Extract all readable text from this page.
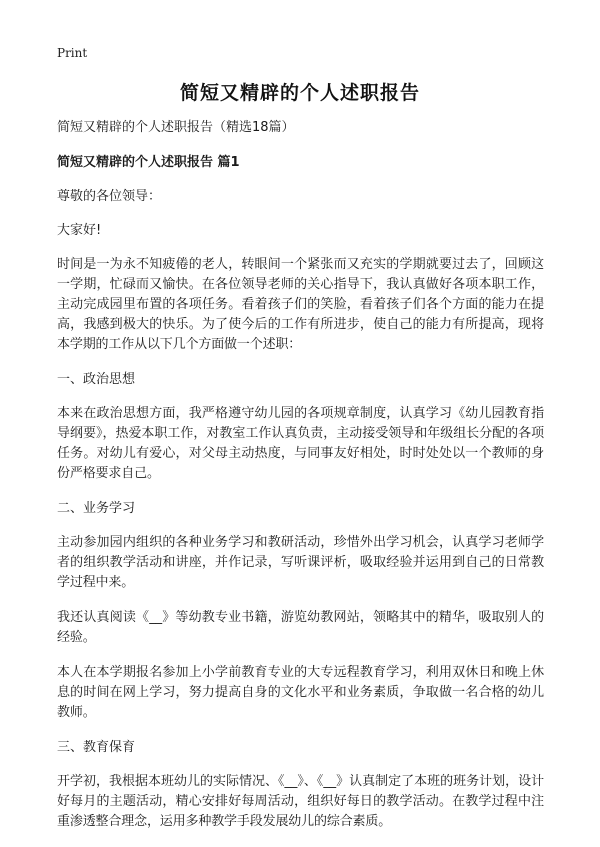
Print
简短又精辟的个人述职报告

简短又精辟的个人述职报告（精选18篇）

简短又精辟的个人述职报告 篇1

尊敬的各位领导：

大家好!

时间是一为永不知疲倦的老人，转眼间一个紧张而又充实的学期就要过去了，回顾这一学期，忙碌而又愉快。在各位领导老师的关心指导下，我认真做好各项本职工作，主动完成园里布置的各项任务。看着孩子们的笑脸，看着孩子们各个方面的能力在提高，我感到极大的快乐。为了使今后的工作有所进步，使自己的能力有所提高，现将本学期的工作从以下几个方面做一个述职：

一、政治思想

本来在政治思想方面，我严格遵守幼儿园的各项规章制度，认真学习《幼儿园教育指导纲要》，热爱本职工作，对教室工作认真负责，主动接受领导和年级组长分配的各项任务。对幼儿有爱心，对父母主动热度，与同事友好相处，时时处处以一个教师的身份严格要求自己。

二、业务学习

主动参加园内组织的各种业务学习和教研活动，珍惜外出学习机会，认真学习老师学者的组织教学活动和讲座，并作记录，写听课评析，吸取经验并运用到自己的日常教学过程中来。

我还认真阅读《__》等幼教专业书籍，游览幼教网站，领略其中的精华，吸取别人的经验。

本人在本学期报名参加上小学前教育专业的大专远程教育学习，利用双休日和晚上休息的时间在网上学习，努力提高自身的文化水平和业务素质，争取做一名合格的幼儿教师。

三、教育保育

开学初，我根据本班幼儿的实际情况、《__》、《__》认真制定了本班的班务计划，设计好每月的主题活动，精心安排好每周活动，组织好每日的教学活动。在教学过程中注重渗透整合理念，运用多种教学手段发展幼儿的综合素质。
